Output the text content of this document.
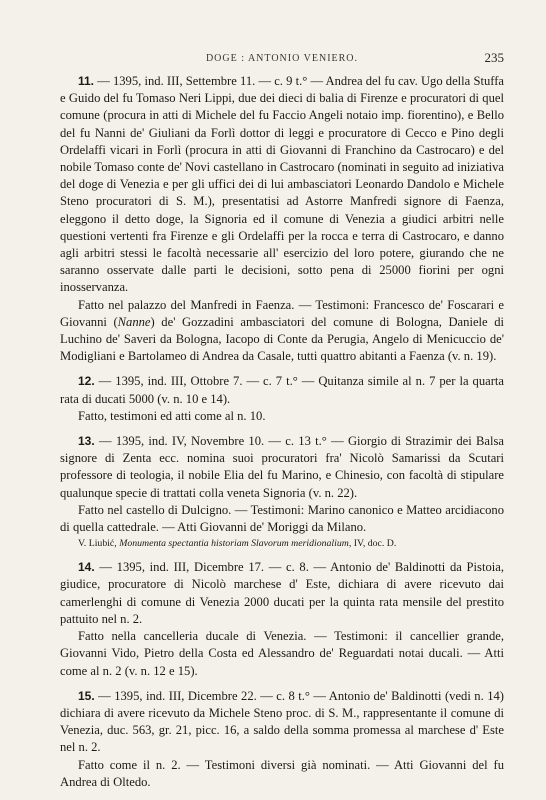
DOGE : ANTONIO VENIERO.	235

11. — 1395, ind. III, Settembre 11. — c. 9 t.° — Andrea del fu cav. Ugo della Stuffa e Guido del fu Tomaso Neri Lippi, due dei dieci di balia di Firenze e procuratori di quel comune (procura in atti di Michele del fu Faccio Angeli notaio imp. fiorentino), e Bello del fu Nanni de' Giuliani da Forlì dottor di leggi e procuratore di Cecco e Pino degli Ordelaffi vicari in Forlì (procura in atti di Giovanni di Franchino da Castrocaro) e del nobile Tomaso conte de' Novi castellano in Castrocaro (nominati in seguito ad iniziativa del doge di Venezia e per gli uffici dei di lui ambasciatori Leonardo Dandolo e Michele Steno procuratori di S. M.), presentatisi ad Astorre Manfredi signore di Faenza, eleggono il detto doge, la Signoria ed il comune di Venezia a giudici arbitri nelle questioni vertenti fra Firenze e gli Ordelaffi per la rocca e terra di Castrocaro, e danno agli arbitri stessi le facoltà necessarie all' esercizio del loro potere, giurando che ne saranno osservate dalle parti le decisioni, sotto pena di 25000 fiorini per ogni inosservanza.

Fatto nel palazzo del Manfredi in Faenza. — Testimoni: Francesco de' Foscarari e Giovanni (Nanne) de' Gozzadini ambasciatori del comune di Bologna, Daniele di Luchino de' Saveri da Bologna, Iacopo di Conte da Perugia, Angelo di Menicuccio de' Modigliani e Bartolameo di Andrea da Casale, tutti quattro abitanti a Faenza (v. n. 19).

12. — 1395, ind. III, Ottobre 7. — c. 7 t.° — Quitanza simile al n. 7 per la quarta rata di ducati 5000 (v. n. 10 e 14).

Fatto, testimoni ed atti come al n. 10.

13. — 1395, ind. IV, Novembre 10. — c. 13 t.° — Giorgio di Strazimir dei Balsa signore di Zenta ecc. nomina suoi procuratori fra' Nicolò Samarissi da Scutari professore di teologia, il nobile Elia del fu Marino, e Chinesio, con facoltà di stipulare qualunque specie di trattati colla veneta Signoria (v. n. 22).

Fatto nel castello di Dulcigno. — Testimoni: Marino canonico e Matteo arcidiacono di quella cattedrale. — Atti Giovanni de' Moriggi da Milano.

V. Liubić, Monumenta spectantia historiam Slavorum meridionalium, IV, doc. D.

14. — 1395, ind. III, Dicembre 17. — c. 8. — Antonio de' Baldinotti da Pistoia, giudice, procuratore di Nicolò marchese d' Este, dichiara di avere ricevuto dai camerlenghi di comune di Venezia 2000 ducati per la quinta rata mensile del prestito pattuito nel n. 2.

Fatto nella cancelleria ducale di Venezia. — Testimoni: il cancellier grande, Giovanni Vido, Pietro della Costa ed Alessandro de' Reguardati notai ducali. — Atti come al n. 2 (v. n. 12 e 15).

15. — 1395, ind. III, Dicembre 22. — c. 8 t.° — Antonio de' Baldinotti (vedi n. 14) dichiara di avere ricevuto da Michele Steno proc. di S. M., rappresentante il comune di Venezia, duc. 563, gr. 21, picc. 16, a saldo della somma promessa al marchese d' Este nel n. 2.

Fatto come il n. 2. — Testimoni diversi già nominati. — Atti Giovanni del fu Andrea di Oltedo.
